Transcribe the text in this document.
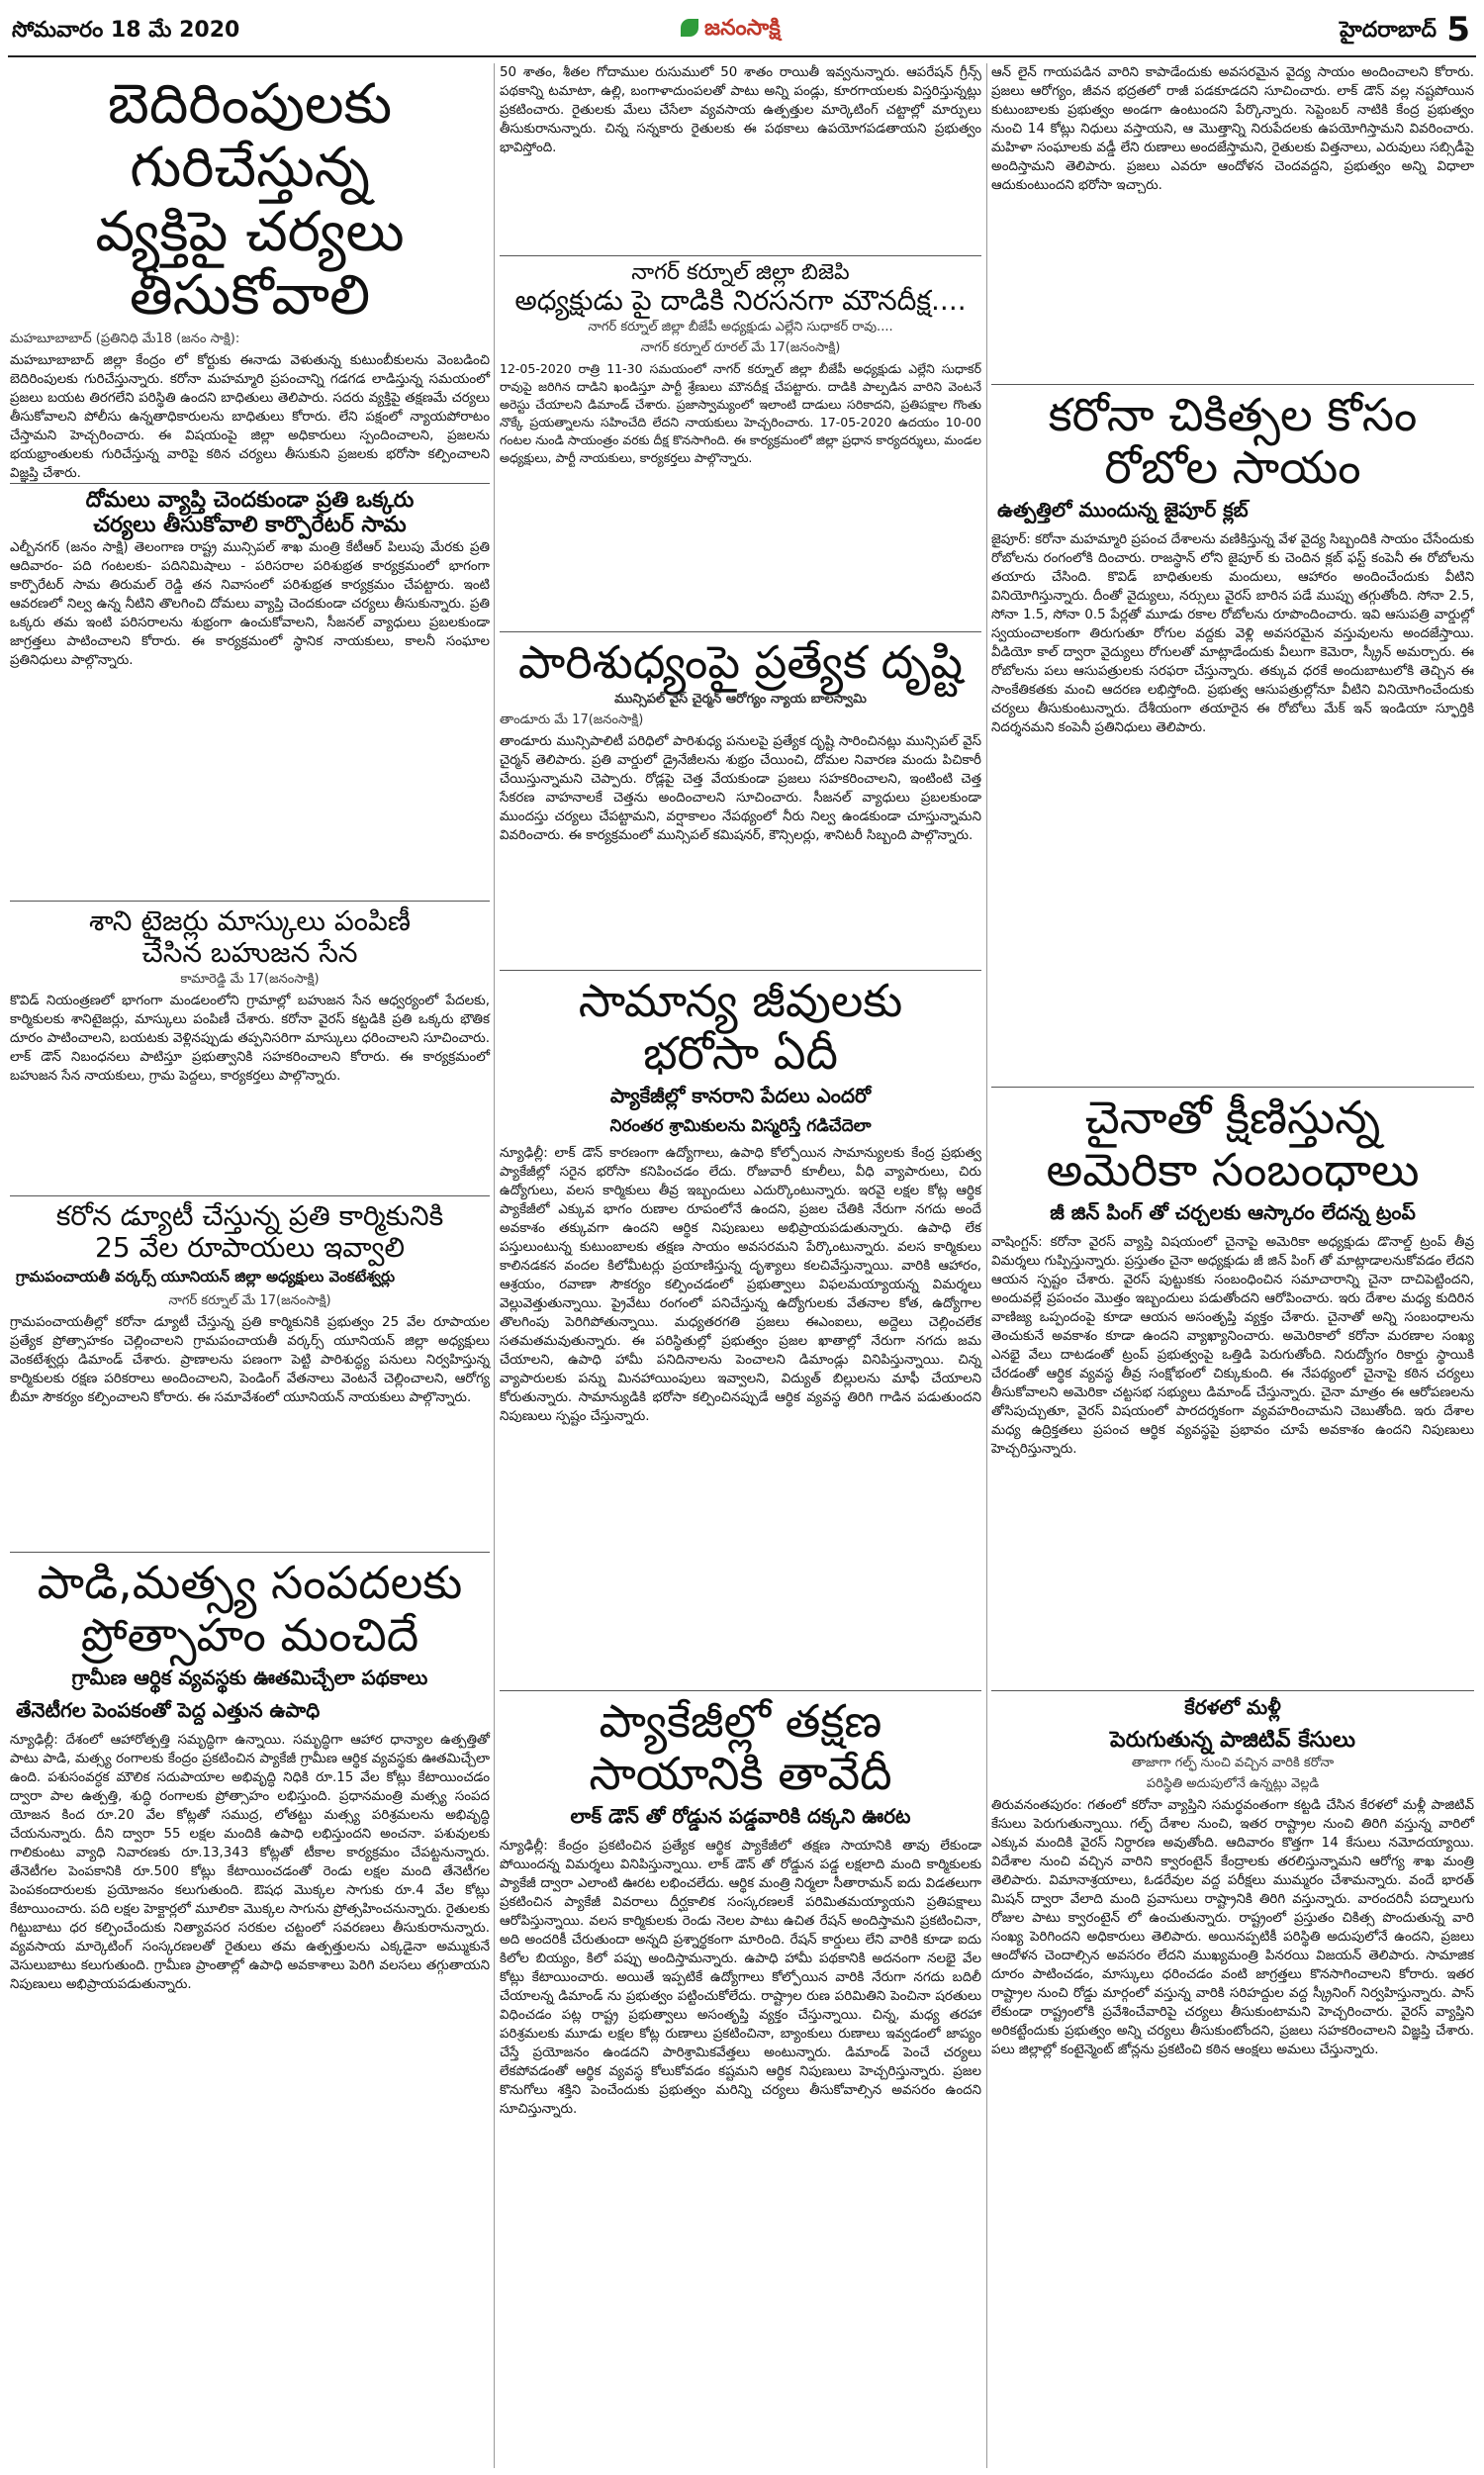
సోమవారం 18 మే 2020	జనంసాక్షి	హైదరాబాద్ 5
బెదిరింపులకు గురిచేస్తున్న
వ్యక్తిపై చర్యలు తీసుకోవాలి
మహబూబాబాద్ (ప్రతినిధి మే18 (జనం సాక్షి):
మహబూబాబాద్ జిల్లా కేంద్రం లో కోర్టుకు ఈనాడు వెళుతున్న కుటుంబీకులను వెంబడించి బెదిరింపులకు గురిచేస్తున్నారు. కరోనా మహమ్మారి ప్రపంచాన్ని గడగడ లాడిస్తున్న సమయంలో ప్రజలు బయట తిరగలేని పరిస్థితి ఉందని బాధితులు తెలిపారు. సదరు వ్యక్తిపై తక్షణమే చర్యలు తీసుకోవాలని పోలీసు ఉన్నతాధికారులను బాధితులు కోరారు. లేని పక్షంలో న్యాయపోరాటం చేస్తామని హెచ్చరించారు. ఈ విషయంపై జిల్లా అధికారులు స్పందించాలని, ప్రజలను భయభ్రాంతులకు గురిచేస్తున్న వారిపై కఠిన చర్యలు తీసుకుని ప్రజలకు భరోసా కల్పించాలని విజ్ఞప్తి చేశారు.
దోమలు వ్యాప్తి చెందకుండా ప్రతి ఒక్కరు
చర్యలు తీసుకోవాలి కార్పొరేటర్ సామ
ఎల్బీనగర్ (జనం సాక్షి) తెలంగాణ రాష్ట్ర మున్సిపల్ శాఖ మంత్రి కేటీఆర్ పిలుపు మేరకు ప్రతి ఆదివారం- పది గంటలకు- పదినిమిషాలు - పరిసరాల పరిశుభ్రత కార్యక్రమంలో భాగంగా కార్పొరేటర్ సామ తిరుమల్ రెడ్డి తన నివాసంలో పరిశుభ్రత కార్యక్రమం చేపట్టారు. ఇంటి ఆవరణలో నిల్వ ఉన్న నీటిని తొలగించి దోమలు వ్యాప్తి చెందకుండా చర్యలు తీసుకున్నారు. ప్రతి ఒక్కరు తమ ఇంటి పరిసరాలను శుభ్రంగా ఉంచుకోవాలని, సీజనల్ వ్యాధులు ప్రబలకుండా జాగ్రత్తలు పాటించాలని కోరారు. ఈ కార్యక్రమంలో స్థానిక నాయకులు, కాలనీ సంఘాల ప్రతినిధులు పాల్గొన్నారు.
శాని టైజర్లు మాస్కులు పంపిణీ
చేసిన బహుజన సేన
కామారెడ్డి మే 17(జనంసాక్షి)
కొవిడ్ నియంత్రణలో భాగంగా మండలంలోని గ్రామాల్లో బహుజన సేన ఆధ్వర్యంలో పేదలకు, కార్మికులకు శానిటైజర్లు, మాస్కులు పంపిణీ చేశారు. కరోనా వైరస్ కట్టడికి ప్రతి ఒక్కరు భౌతిక దూరం పాటించాలని, బయటకు వెళ్లినప్పుడు తప్పనిసరిగా మాస్కులు ధరించాలని సూచించారు. లాక్ డౌన్ నిబంధనలు పాటిస్తూ ప్రభుత్వానికి సహకరించాలని కోరారు. ఈ కార్యక్రమంలో బహుజన సేన నాయకులు, గ్రామ పెద్దలు, కార్యకర్తలు పాల్గొన్నారు.
కరోన డ్యూటీ చేస్తున్న ప్రతి కార్మికునికి
25 వేల రూపాయలు ఇవ్వాలి
గ్రామపంచాయతీ వర్కర్స్ యూనియన్ జిల్లా అధ్యక్షులు వెంకటేశ్వర్లు
నాగర్ కర్నూల్ మే 17(జనంసాక్షి)
గ్రామపంచాయతీల్లో కరోనా డ్యూటీ చేస్తున్న ప్రతి కార్మికునికి ప్రభుత్వం 25 వేల రూపాయల ప్రత్యేక ప్రోత్సాహకం చెల్లించాలని గ్రామపంచాయతీ వర్కర్స్ యూనియన్ జిల్లా అధ్యక్షులు వెంకటేశ్వర్లు డిమాండ్ చేశారు. ప్రాణాలను పణంగా పెట్టి పారిశుద్ధ్య పనులు నిర్వహిస్తున్న కార్మికులకు రక్షణ పరికరాలు అందించాలని, పెండింగ్ వేతనాలు వెంటనే చెల్లించాలని, ఆరోగ్య బీమా సౌకర్యం కల్పించాలని కోరారు. ఈ సమావేశంలో యూనియన్ నాయకులు పాల్గొన్నారు.
పాడి,మత్స్య సంపదలకు
ప్రోత్సాహం మంచిదే
గ్రామీణ ఆర్థిక వ్యవస్థకు ఊతమిచ్చేలా పథకాలు
తేనెటీగల పెంపకంతో పెద్ద ఎత్తున ఉపాధి
న్యూఢిల్లీ: దేశంలో ఆహారోత్పత్తి సమృద్ధిగా ఉన్నాయి. సమృద్ధిగా ఆహార ధాన్యాల ఉత్పత్తితో పాటు పాడి, మత్స్య రంగాలకు కేంద్రం ప్రకటించిన ప్యాకేజీ గ్రామీణ ఆర్థిక వ్యవస్థకు ఊతమిచ్చేలా ఉంది. పశుసంవర్ధక మౌలిక సదుపాయాల అభివృద్ధి నిధికి రూ.15 వేల కోట్లు కేటాయించడం ద్వారా పాల ఉత్పత్తి, శుద్ధి రంగాలకు ప్రోత్సాహం లభిస్తుంది. ప్రధానమంత్రి మత్స్య సంపద యోజన కింద రూ.20 వేల కోట్లతో సముద్ర, లోతట్టు మత్స్య పరిశ్రమలను అభివృద్ధి చేయనున్నారు. దీని ద్వారా 55 లక్షల మందికి ఉపాధి లభిస్తుందని అంచనా. పశువులకు గాలికుంటు వ్యాధి నివారణకు రూ.13,343 కోట్లతో టీకాల కార్యక్రమం చేపట్టనున్నారు. తేనెటీగల పెంపకానికి రూ.500 కోట్లు కేటాయించడంతో రెండు లక్షల మంది తేనెటీగల పెంపకందారులకు ప్రయోజనం కలుగుతుంది. ఔషధ మొక్కల సాగుకు రూ.4 వేల కోట్లు కేటాయించారు. పది లక్షల హెక్టార్లలో మూలికా మొక్కల సాగును ప్రోత్సహించనున్నారు. రైతులకు గిట్టుబాటు ధర కల్పించేందుకు నిత్యావసర సరకుల చట్టంలో సవరణలు తీసుకురానున్నారు. వ్యవసాయ మార్కెటింగ్ సంస్కరణలతో రైతులు తమ ఉత్పత్తులను ఎక్కడైనా అమ్ముకునే వెసులుబాటు కలుగుతుంది. గ్రామీణ ప్రాంతాల్లో ఉపాధి అవకాశాలు పెరిగి వలసలు తగ్గుతాయని నిపుణులు అభిప్రాయపడుతున్నారు.
50 శాతం, శీతల గోదాముల రుసుములో 50 శాతం రాయితీ ఇవ్వనున్నారు. ఆపరేషన్ గ్రీన్స్ పథకాన్ని టమాటా, ఉల్లి, బంగాళాదుంపలతో పాటు అన్ని పండ్లు, కూరగాయలకు విస్తరిస్తున్నట్లు ప్రకటించారు. రైతులకు మేలు చేసేలా వ్యవసాయ ఉత్పత్తుల మార్కెటింగ్ చట్టాల్లో మార్పులు తీసుకురానున్నారు. చిన్న సన్నకారు రైతులకు ఈ పథకాలు ఉపయోగపడతాయని ప్రభుత్వం భావిస్తోంది.
నాగర్ కర్నూల్ జిల్లా బిజెపి
అధ్యక్షుడు పై దాడికి నిరసనగా మౌనదీక్ష....
నాగర్ కర్నూల్ జిల్లా బీజేపీ అధ్యక్షుడు ఎల్లేని సుధాకర్ రావు....
నాగర్ కర్నూల్ రూరల్ మే 17(జనంసాక్షి)
12-05-2020 రాత్రి 11-30 సమయంలో నాగర్ కర్నూల్ జిల్లా బీజేపీ అధ్యక్షుడు ఎల్లేని సుధాకర్ రావుపై జరిగిన దాడిని ఖండిస్తూ పార్టీ శ్రేణులు మౌనదీక్ష చేపట్టారు. దాడికి పాల్పడిన వారిని వెంటనే అరెస్టు చేయాలని డిమాండ్ చేశారు. ప్రజాస్వామ్యంలో ఇలాంటి దాడులు సరికాదని, ప్రతిపక్షాల గొంతు నొక్కే ప్రయత్నాలను సహించేది లేదని నాయకులు హెచ్చరించారు. 17-05-2020 ఉదయం 10-00 గంటల నుండి సాయంత్రం వరకు దీక్ష కొనసాగింది. ఈ కార్యక్రమంలో జిల్లా ప్రధాన కార్యదర్శులు, మండల అధ్యక్షులు, పార్టీ నాయకులు, కార్యకర్తలు పాల్గొన్నారు.
పారిశుధ్యంపై ప్రత్యేక దృష్టి
మున్సిపల్ వైస్ చైర్మన్ ఆరోగ్యం న్యాయ బాలస్వామి
తాండూరు మే 17(జనంసాక్షి)
తాండూరు మున్సిపాలిటీ పరిధిలో పారిశుధ్య పనులపై ప్రత్యేక దృష్టి సారించినట్లు మున్సిపల్ వైస్ చైర్మన్ తెలిపారు. ప్రతి వార్డులో డ్రైనేజీలను శుభ్రం చేయించి, దోమల నివారణ మందు పిచికారీ చేయిస్తున్నామని చెప్పారు. రోడ్లపై చెత్త వేయకుండా ప్రజలు సహకరించాలని, ఇంటింటి చెత్త సేకరణ వాహనాలకే చెత్తను అందించాలని సూచించారు. సీజనల్ వ్యాధులు ప్రబలకుండా ముందస్తు చర్యలు చేపట్టామని, వర్షాకాలం నేపథ్యంలో నీరు నిల్వ ఉండకుండా చూస్తున్నామని వివరించారు. ఈ కార్యక్రమంలో మున్సిపల్ కమిషనర్, కౌన్సిలర్లు, శానిటరీ సిబ్బంది పాల్గొన్నారు.
సామాన్య జీవులకు
భరోసా ఏదీ
ప్యాకేజీల్లో కానరాని పేదలు ఎందరో
నిరంతర శ్రామికులను విస్మరిస్తే గడిచేదెలా
న్యూఢిల్లీ: లాక్ డౌన్ కారణంగా ఉద్యోగాలు, ఉపాధి కోల్పోయిన సామాన్యులకు కేంద్ర ప్రభుత్వ ప్యాకేజీల్లో సరైన భరోసా కనిపించడం లేదు. రోజువారీ కూలీలు, వీధి వ్యాపారులు, చిరు ఉద్యోగులు, వలస కార్మికులు తీవ్ర ఇబ్బందులు ఎదుర్కొంటున్నారు. ఇరవై లక్షల కోట్ల ఆర్థిక ప్యాకేజీలో ఎక్కువ భాగం రుణాల రూపంలోనే ఉందని, ప్రజల చేతికి నేరుగా నగదు అందే అవకాశం తక్కువగా ఉందని ఆర్థిక నిపుణులు అభిప్రాయపడుతున్నారు. ఉపాధి లేక పస్తులుంటున్న కుటుంబాలకు తక్షణ సాయం అవసరమని పేర్కొంటున్నారు. వలస కార్మికులు కాలినడకన వందల కిలోమీటర్లు ప్రయాణిస్తున్న దృశ్యాలు కలచివేస్తున్నాయి. వారికి ఆహారం, ఆశ్రయం, రవాణా సౌకర్యం కల్పించడంలో ప్రభుత్వాలు విఫలమయ్యాయన్న విమర్శలు వెల్లువెత్తుతున్నాయి. ప్రైవేటు రంగంలో పనిచేస్తున్న ఉద్యోగులకు వేతనాల కోత, ఉద్యోగాల తొలగింపు పెరిగిపోతున్నాయి. మధ్యతరగతి ప్రజలు ఈఎంఐలు, అద్దెలు చెల్లించలేక సతమతమవుతున్నారు. ఈ పరిస్థితుల్లో ప్రభుత్వం ప్రజల ఖాతాల్లో నేరుగా నగదు జమ చేయాలని, ఉపాధి హామీ పనిదినాలను పెంచాలని డిమాండ్లు వినిపిస్తున్నాయి. చిన్న వ్యాపారులకు పన్ను మినహాయింపులు ఇవ్వాలని, విద్యుత్ బిల్లులను మాఫీ చేయాలని కోరుతున్నారు. సామాన్యుడికి భరోసా కల్పించినప్పుడే ఆర్థిక వ్యవస్థ తిరిగి గాడిన పడుతుందని నిపుణులు స్పష్టం చేస్తున్నారు.
ప్యాకేజీల్లో తక్షణ
సాయానికి తావేదీ
లాక్ డౌన్ తో రోడ్డున పడ్డవారికి దక్కని ఊరట
న్యూఢిల్లీ: కేంద్రం ప్రకటించిన ప్రత్యేక ఆర్థిక ప్యాకేజీలో తక్షణ సాయానికి తావు లేకుండా పోయిందన్న విమర్శలు వినిపిస్తున్నాయి. లాక్ డౌన్ తో రోడ్డున పడ్డ లక్షలాది మంది కార్మికులకు ప్యాకేజీ ద్వారా ఎలాంటి ఊరట లభించలేదు. ఆర్థిక మంత్రి నిర్మలా సీతారామన్ ఐదు విడతలుగా ప్రకటించిన ప్యాకేజీ వివరాలు దీర్ఘకాలిక సంస్కరణలకే పరిమితమయ్యాయని ప్రతిపక్షాలు ఆరోపిస్తున్నాయి. వలస కార్మికులకు రెండు నెలల పాటు ఉచిత రేషన్ అందిస్తామని ప్రకటించినా, అది అందరికీ చేరుతుందా అన్నది ప్రశ్నార్థకంగా మారింది. రేషన్ కార్డులు లేని వారికి కూడా ఐదు కిలోల బియ్యం, కిలో పప్పు అందిస్తామన్నారు. ఉపాధి హామీ పథకానికి అదనంగా నలభై వేల కోట్లు కేటాయించారు. అయితే ఇప్పటికే ఉద్యోగాలు కోల్పోయిన వారికి నేరుగా నగదు బదిలీ చేయాలన్న డిమాండ్ ను ప్రభుత్వం పట్టించుకోలేదు. రాష్ట్రాల రుణ పరిమితిని పెంచినా షరతులు విధించడం పట్ల రాష్ట్ర ప్రభుత్వాలు అసంతృప్తి వ్యక్తం చేస్తున్నాయి. చిన్న, మధ్య తరహా పరిశ్రమలకు మూడు లక్షల కోట్ల రుణాలు ప్రకటించినా, బ్యాంకులు రుణాలు ఇవ్వడంలో జాప్యం చేస్తే ప్రయోజనం ఉండదని పారిశ్రామికవేత్తలు అంటున్నారు. డిమాండ్ పెంచే చర్యలు లేకపోవడంతో ఆర్థిక వ్యవస్థ కోలుకోవడం కష్టమని ఆర్థిక నిపుణులు హెచ్చరిస్తున్నారు. ప్రజల కొనుగోలు శక్తిని పెంచేందుకు ప్రభుత్వం మరిన్ని చర్యలు తీసుకోవాల్సిన అవసరం ఉందని సూచిస్తున్నారు.
ఆన్ లైన్ గాయపడిన వారిని కాపాడేందుకు అవసరమైన వైద్య సాయం అందించాలని కోరారు. ప్రజలు ఆరోగ్యం, జీవన భద్రతలో రాజీ పడకూడదని సూచించారు. లాక్ డౌన్ వల్ల నష్టపోయిన కుటుంబాలకు ప్రభుత్వం అండగా ఉంటుందని పేర్కొన్నారు. సెప్టెంబర్ నాటికి కేంద్ర ప్రభుత్వం నుంచి 14 కోట్లు నిధులు వస్తాయని, ఆ మొత్తాన్ని నిరుపేదలకు ఉపయోగిస్తామని వివరించారు. మహిళా సంఘాలకు వడ్డీ లేని రుణాలు అందజేస్తామని, రైతులకు విత్తనాలు, ఎరువులు సబ్సిడీపై అందిస్తామని తెలిపారు. ప్రజలు ఎవరూ ఆందోళన చెందవద్దని, ప్రభుత్వం అన్ని విధాలా ఆదుకుంటుందని భరోసా ఇచ్చారు.
కరోనా చికిత్సల కోసం
రోబోల సాయం
ఉత్పత్తిలో ముందున్న జైపూర్ క్లబ్
జైపూర్: కరోనా మహమ్మారి ప్రపంచ దేశాలను వణికిస్తున్న వేళ వైద్య సిబ్బందికి సాయం చేసేందుకు రోబోలను రంగంలోకి దించారు. రాజస్థాన్ లోని జైపూర్ కు చెందిన క్లబ్ ఫస్ట్ కంపెనీ ఈ రోబోలను తయారు చేసింది. కొవిడ్ బాధితులకు మందులు, ఆహారం అందించేందుకు వీటిని వినియోగిస్తున్నారు. దీంతో వైద్యులు, నర్సులు వైరస్ బారిన పడే ముప్పు తగ్గుతోంది. సోనా 2.5, సోనా 1.5, సోనా 0.5 పేర్లతో మూడు రకాల రోబోలను రూపొందించారు. ఇవి ఆసుపత్రి వార్డుల్లో స్వయంచాలకంగా తిరుగుతూ రోగుల వద్దకు వెళ్లి అవసరమైన వస్తువులను అందజేస్తాయి. వీడియో కాల్ ద్వారా వైద్యులు రోగులతో మాట్లాడేందుకు వీలుగా కెమెరా, స్క్రీన్ అమర్చారు. ఈ రోబోలను పలు ఆసుపత్రులకు సరఫరా చేస్తున్నారు. తక్కువ ధరకే అందుబాటులోకి తెచ్చిన ఈ సాంకేతికతకు మంచి ఆదరణ లభిస్తోంది. ప్రభుత్వ ఆసుపత్రుల్లోనూ వీటిని వినియోగించేందుకు చర్యలు తీసుకుంటున్నారు. దేశీయంగా తయారైన ఈ రోబోలు మేక్ ఇన్ ఇండియా స్ఫూర్తికి నిదర్శనమని కంపెనీ ప్రతినిధులు తెలిపారు.
చైనాతో క్షీణిస్తున్న
అమెరికా సంబంధాలు
జీ జిన్ పింగ్ తో చర్చలకు ఆస్కారం లేదన్న ట్రంప్
వాషింగ్టన్: కరోనా వైరస్ వ్యాప్తి విషయంలో చైనాపై అమెరికా అధ్యక్షుడు డొనాల్డ్ ట్రంప్ తీవ్ర విమర్శలు గుప్పిస్తున్నారు. ప్రస్తుతం చైనా అధ్యక్షుడు జీ జిన్ పింగ్ తో మాట్లాడాలనుకోవడం లేదని ఆయన స్పష్టం చేశారు. వైరస్ పుట్టుకకు సంబంధించిన సమాచారాన్ని చైనా దాచిపెట్టిందని, అందువల్లే ప్రపంచం మొత్తం ఇబ్బందులు పడుతోందని ఆరోపించారు. ఇరు దేశాల మధ్య కుదిరిన వాణిజ్య ఒప్పందంపై కూడా ఆయన అసంతృప్తి వ్యక్తం చేశారు. చైనాతో అన్ని సంబంధాలను తెంచుకునే అవకాశం కూడా ఉందని వ్యాఖ్యానించారు. అమెరికాలో కరోనా మరణాల సంఖ్య ఎనభై వేలు దాటడంతో ట్రంప్ ప్రభుత్వంపై ఒత్తిడి పెరుగుతోంది. నిరుద్యోగం రికార్డు స్థాయికి చేరడంతో ఆర్థిక వ్యవస్థ తీవ్ర సంక్షోభంలో చిక్కుకుంది. ఈ నేపథ్యంలో చైనాపై కఠిన చర్యలు తీసుకోవాలని అమెరికా చట్టసభ సభ్యులు డిమాండ్ చేస్తున్నారు. చైనా మాత్రం ఈ ఆరోపణలను తోసిపుచ్చుతూ, వైరస్ విషయంలో పారదర్శకంగా వ్యవహరించామని చెబుతోంది. ఇరు దేశాల మధ్య ఉద్రిక్తతలు ప్రపంచ ఆర్థిక వ్యవస్థపై ప్రభావం చూపే అవకాశం ఉందని నిపుణులు హెచ్చరిస్తున్నారు.
కేరళలో మళ్లీ
పెరుగుతున్న పాజిటివ్ కేసులు
తాజాగా గల్ఫ్ నుంచి వచ్చిన వారికి కరోనా
పరిస్థితి అదుపులోనే ఉన్నట్లు వెల్లడి
తిరువనంతపురం: గతంలో కరోనా వ్యాప్తిని సమర్థవంతంగా కట్టడి చేసిన కేరళలో మళ్లీ పాజిటివ్ కేసులు పెరుగుతున్నాయి. గల్ఫ్ దేశాల నుంచి, ఇతర రాష్ట్రాల నుంచి తిరిగి వస్తున్న వారిలో ఎక్కువ మందికి వైరస్ నిర్ధారణ అవుతోంది. ఆదివారం కొత్తగా 14 కేసులు నమోదయ్యాయి. విదేశాల నుంచి వచ్చిన వారిని క్వారంటైన్ కేంద్రాలకు తరలిస్తున్నామని ఆరోగ్య శాఖ మంత్రి తెలిపారు. విమానాశ్రయాలు, ఓడరేవుల వద్ద పరీక్షలు ముమ్మరం చేశామన్నారు. వందే భారత్ మిషన్ ద్వారా వేలాది మంది ప్రవాసులు రాష్ట్రానికి తిరిగి వస్తున్నారు. వారందరినీ పద్నాలుగు రోజుల పాటు క్వారంటైన్ లో ఉంచుతున్నారు. రాష్ట్రంలో ప్రస్తుతం చికిత్స పొందుతున్న వారి సంఖ్య పెరిగిందని అధికారులు తెలిపారు. అయినప్పటికీ పరిస్థితి అదుపులోనే ఉందని, ప్రజలు ఆందోళన చెందాల్సిన అవసరం లేదని ముఖ్యమంత్రి పినరయి విజయన్ తెలిపారు. సామాజిక దూరం పాటించడం, మాస్కులు ధరించడం వంటి జాగ్రత్తలు కొనసాగించాలని కోరారు. ఇతర రాష్ట్రాల నుంచి రోడ్డు మార్గంలో వస్తున్న వారికి సరిహద్దుల వద్ద స్క్రీనింగ్ నిర్వహిస్తున్నారు. పాస్ లేకుండా రాష్ట్రంలోకి ప్రవేశించేవారిపై చర్యలు తీసుకుంటామని హెచ్చరించారు. వైరస్ వ్యాప్తిని అరికట్టేందుకు ప్రభుత్వం అన్ని చర్యలు తీసుకుంటోందని, ప్రజలు సహకరించాలని విజ్ఞప్తి చేశారు. పలు జిల్లాల్లో కంటైన్మెంట్ జోన్లను ప్రకటించి కఠిన ఆంక్షలు అమలు చేస్తున్నారు.
